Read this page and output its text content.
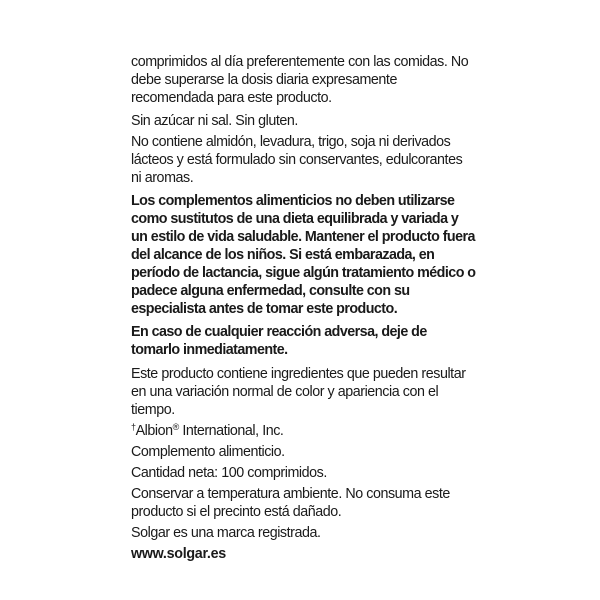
comprimidos al día preferentemente con las comidas. No debe superarse la dosis diaria expresamente recomendada para este producto.

Sin azúcar ni sal. Sin gluten.

No contiene almidón, levadura, trigo, soja ni derivados lácteos y está formulado sin conservantes, edulcorantes ni aromas.

Los complementos alimenticios no deben utilizarse como sustitutos de una dieta equilibrada y variada y un estilo de vida saludable. Mantener el producto fuera del alcance de los niños. Si está embarazada, en período de lactancia, sigue algún tratamiento médico o padece alguna enfermedad, consulte con su especialista antes de tomar este producto.

En caso de cualquier reacción adversa, deje de tomarlo inmediatamente.

Este producto contiene ingredientes que pueden resultar en una variación normal de color y apariencia con el tiempo.

†Albion® International, Inc.

Complemento alimenticio.

Cantidad neta: 100 comprimidos.

Conservar a temperatura ambiente. No consuma este producto si el precinto está dañado.

Solgar es una marca registrada.

www.solgar.es
